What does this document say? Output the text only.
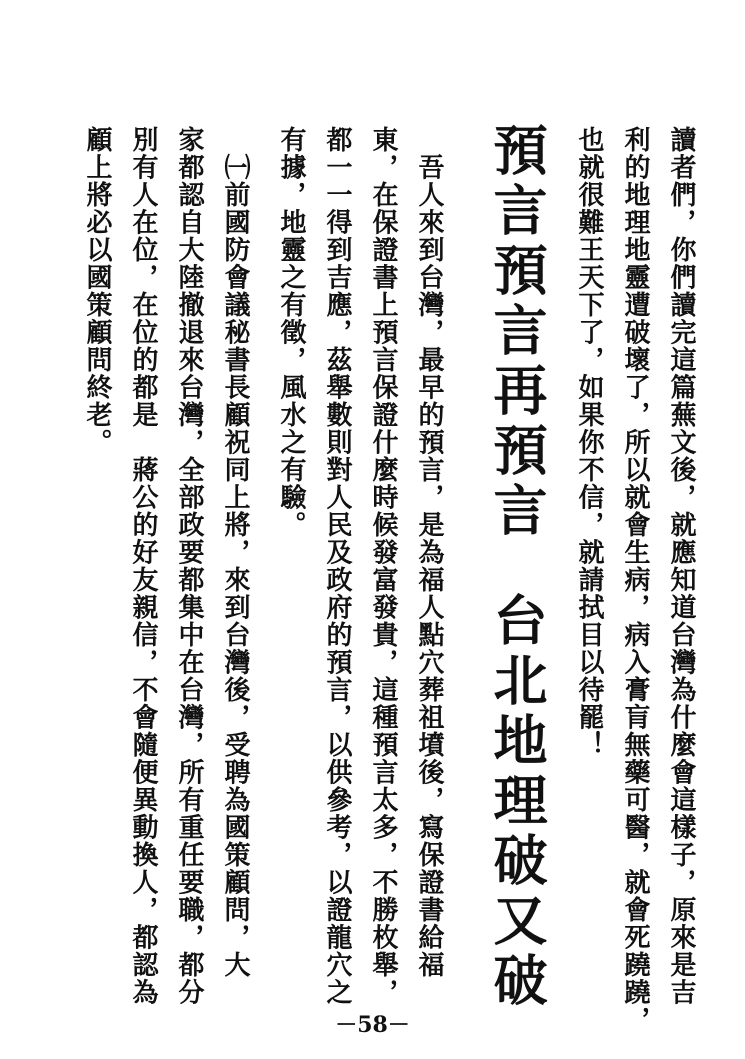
讀者們，你們讀完這篇蕪文後，就應知道台灣為什麼會這樣子，原來是吉
利的地理地靈遭破壞了，所以就會生病，病入膏肓無藥可醫，就會死蹺蹺，
也就很難王天下了，如果你不信，就請拭目以待罷！
預言預言再預言
台北地理破又破
　吾人來到台灣，最早的預言，是為福人點穴葬祖墳後，寫保證書給福
東，在保證書上預言保證什麼時候發富發貴，這種預言太多，不勝枚舉，
都一一得到吉應，茲舉數則對人民及政府的預言，以供參考，以證龍穴之
有據，地靈之有徵，風水之有驗。
　㈠前國防會議秘書長顧祝同上將，來到台灣後，受聘為國策顧問，大
家都認自大陸撤退來台灣，全部政要都集中在台灣，所有重任要職，都分
別有人在位，在位的都是　蔣公的好友親信，不會隨便異動換人，都認為
顧上將必以國策顧問終老。
－58－
